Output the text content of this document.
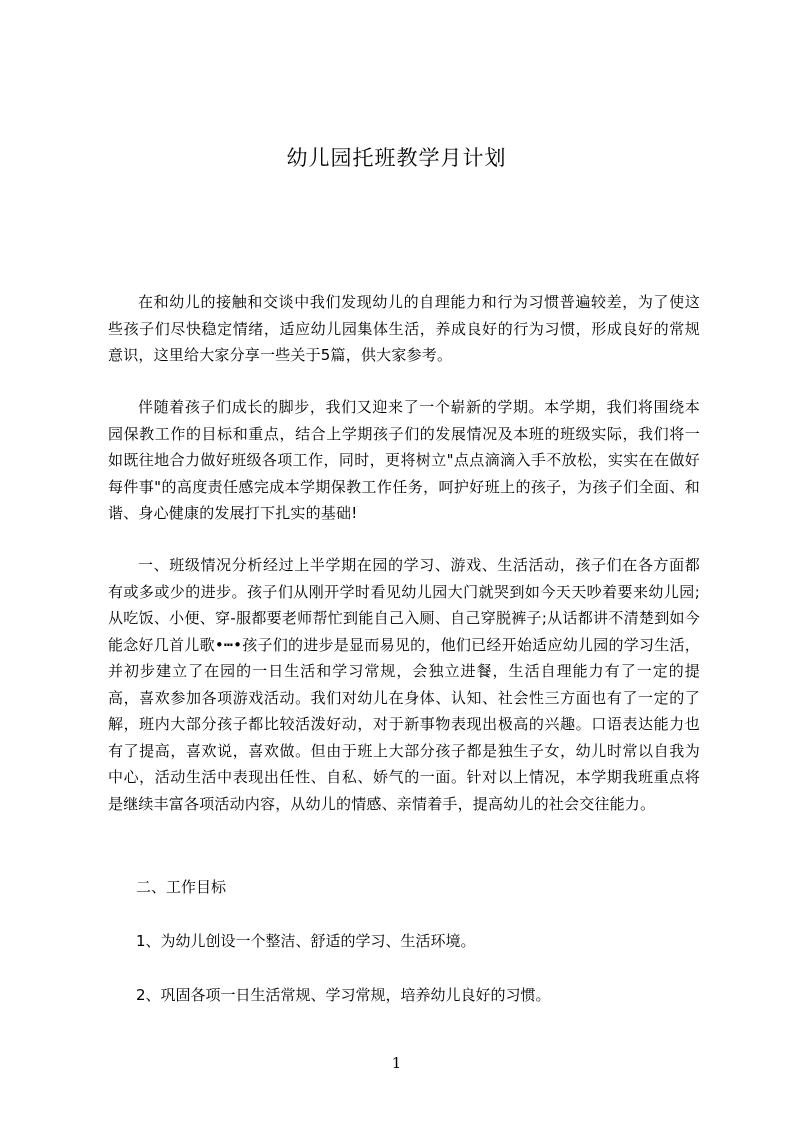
幼儿园托班教学月计划

在和幼儿的接触和交谈中我们发现幼儿的自理能力和行为习惯普遍较差，为了使这些孩子们尽快稳定情绪，适应幼儿园集体生活，养成良好的行为习惯，形成良好的常规意识，这里给大家分享一些关于5篇，供大家参考。

伴随着孩子们成长的脚步，我们又迎来了一个崭新的学期。本学期，我们将围绕本园保教工作的目标和重点，结合上学期孩子们的发展情况及本班的班级实际，我们将一如既往地合力做好班级各项工作，同时，更将树立"点点滴滴入手不放松，实实在在做好每件事"的高度责任感完成本学期保教工作任务，呵护好班上的孩子，为孩子们全面、和谐、身心健康的发展打下扎实的基础!

一、班级情况分析经过上半学期在园的学习、游戏、生活活动，孩子们在各方面都有或多或少的进步。孩子们从刚开学时看见幼儿园大门就哭到如今天天吵着要来幼儿园;从吃饭、小便、穿-服都要老师帮忙到能自己入厕、自己穿脱裤子;从话都讲不清楚到如今能念好几首儿歌•┅•孩子们的进步是显而易见的，他们已经开始适应幼儿园的学习生活，并初步建立了在园的一日生活和学习常规，会独立进餐，生活自理能力有了一定的提高，喜欢参加各项游戏活动。我们对幼儿在身体、认知、社会性三方面也有了一定的了解，班内大部分孩子都比较活泼好动，对于新事物表现出极高的兴趣。口语表达能力也有了提高，喜欢说，喜欢做。但由于班上大部分孩子都是独生子女，幼儿时常以自我为中心，活动生活中表现出任性、自私、娇气的一面。针对以上情况，本学期我班重点将是继续丰富各项活动内容，从幼儿的情感、亲情着手，提高幼儿的社会交往能力。

二、工作目标
1、为幼儿创设一个整洁、舒适的学习、生活环境。
2、巩固各项一日生活常规、学习常规，培养幼儿良好的习惯。
1
